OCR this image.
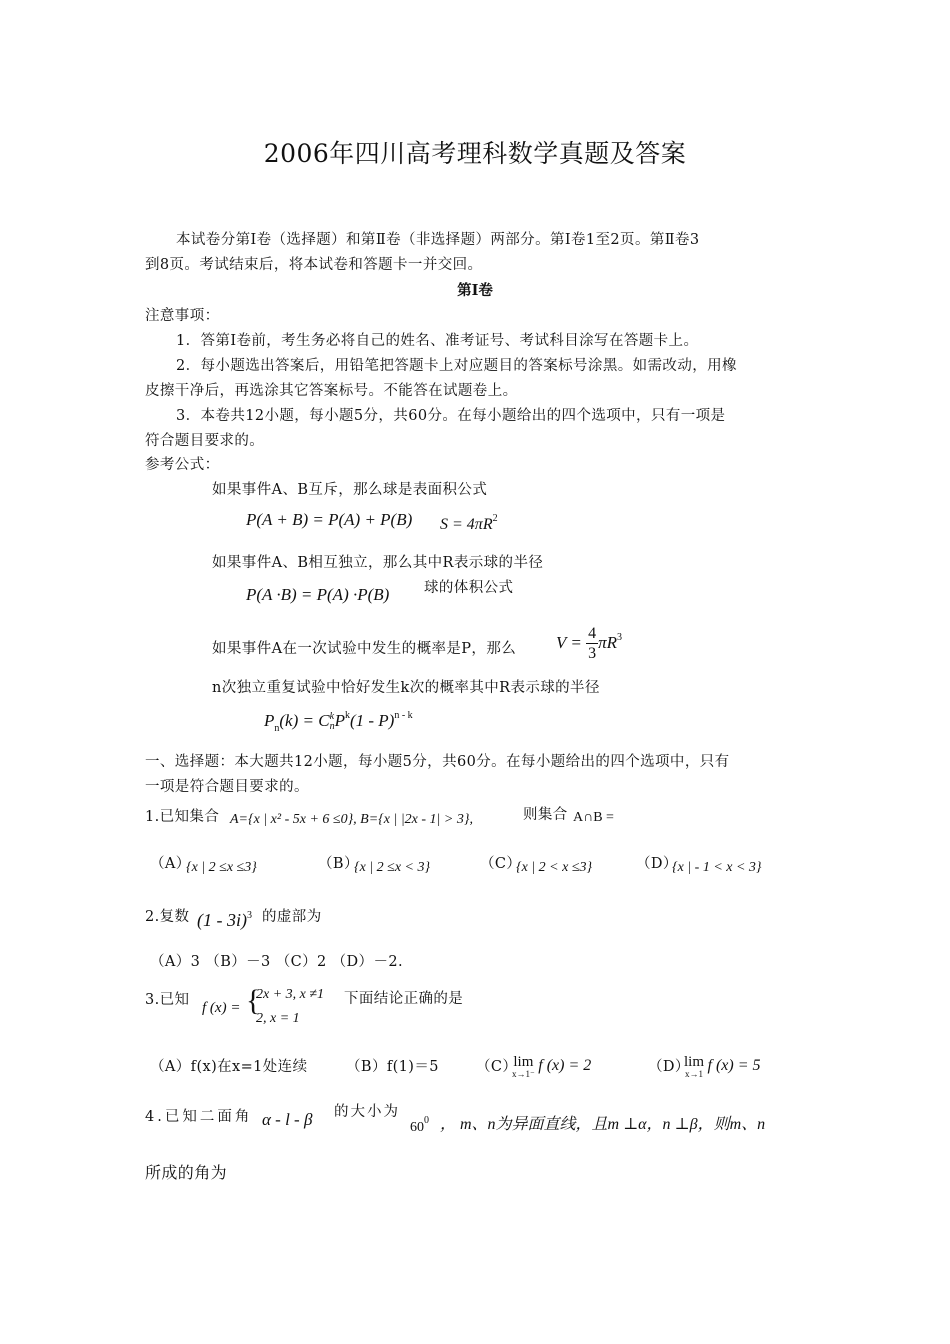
2006年四川高考理科数学真题及答案
本试卷分第Ⅰ卷（选择题）和第Ⅱ卷（非选择题）两部分。第Ⅰ卷1至2页。第Ⅱ卷3
到8页。考试结束后，将本试卷和答题卡一并交回。
第Ⅰ卷
注意事项：
1．答第Ⅰ卷前，考生务必将自己的姓名、准考证号、考试科目涂写在答题卡上。
2．每小题选出答案后，用铅笔把答题卡上对应题目的答案标号涂黑。如需改动，用橡
皮擦干净后，再选涂其它答案标号。不能答在试题卷上。
3．本卷共12小题，每小题5分，共60分。在每小题给出的四个选项中，只有一项是
符合题目要求的。
参考公式：
如果事件A、B互斥，那么球是表面积公式
P(A + B) = P(A) + P(B) $S = 4\pi R^2$
如果事件A、B相互独立，那么其中R表示球的半径
P(A ·B) = P(A) ·P(B) 球的体积公式
如果事件A在一次试验中发生的概率是P，那么 $V = \frac{4}{3} \pi R^3$
n次独立重复试验中恰好发生k次的概率其中R表示球的半径
$P_n(k) = C$ k
n $P^k(1 - P)^{n - k}$
一、选择题：本大题共12小题，每小题5分，共60分。在每小题给出的四个选项中，只有
一项是符合题目要求的。
1.已知集合 A={x | x² - 5x + 6 ≤0}, B={x | |2x - 1| > 3},	则集合 A∩B =
（A）
{x | 2 ≤x ≤3}	（B）
{x | 2 ≤x < 3}	（C）
{x | 2 < x ≤3}	（D）
{x | - 1 < x < 3}
2.复数 (1 - 3i)$^3$ 的虚部为
（A）3 （B）－3 （C）2 （D）－2.
3.已知 f (x) = {
2x + 3, x ≠1
2, x = 1
下面结论正确的是
（A）f(x)在x=1处连续	（B）f(1)＝5	（C）
lim
x→1⁻ f (x) = 2	（D）
lim
x→1 f (x) = 5
4.已知二面角 α - l - β 的大小为
$60^0$ ， m、n为异面直线，且m ⊥α，n ⊥β，则m、n
所成的角为
